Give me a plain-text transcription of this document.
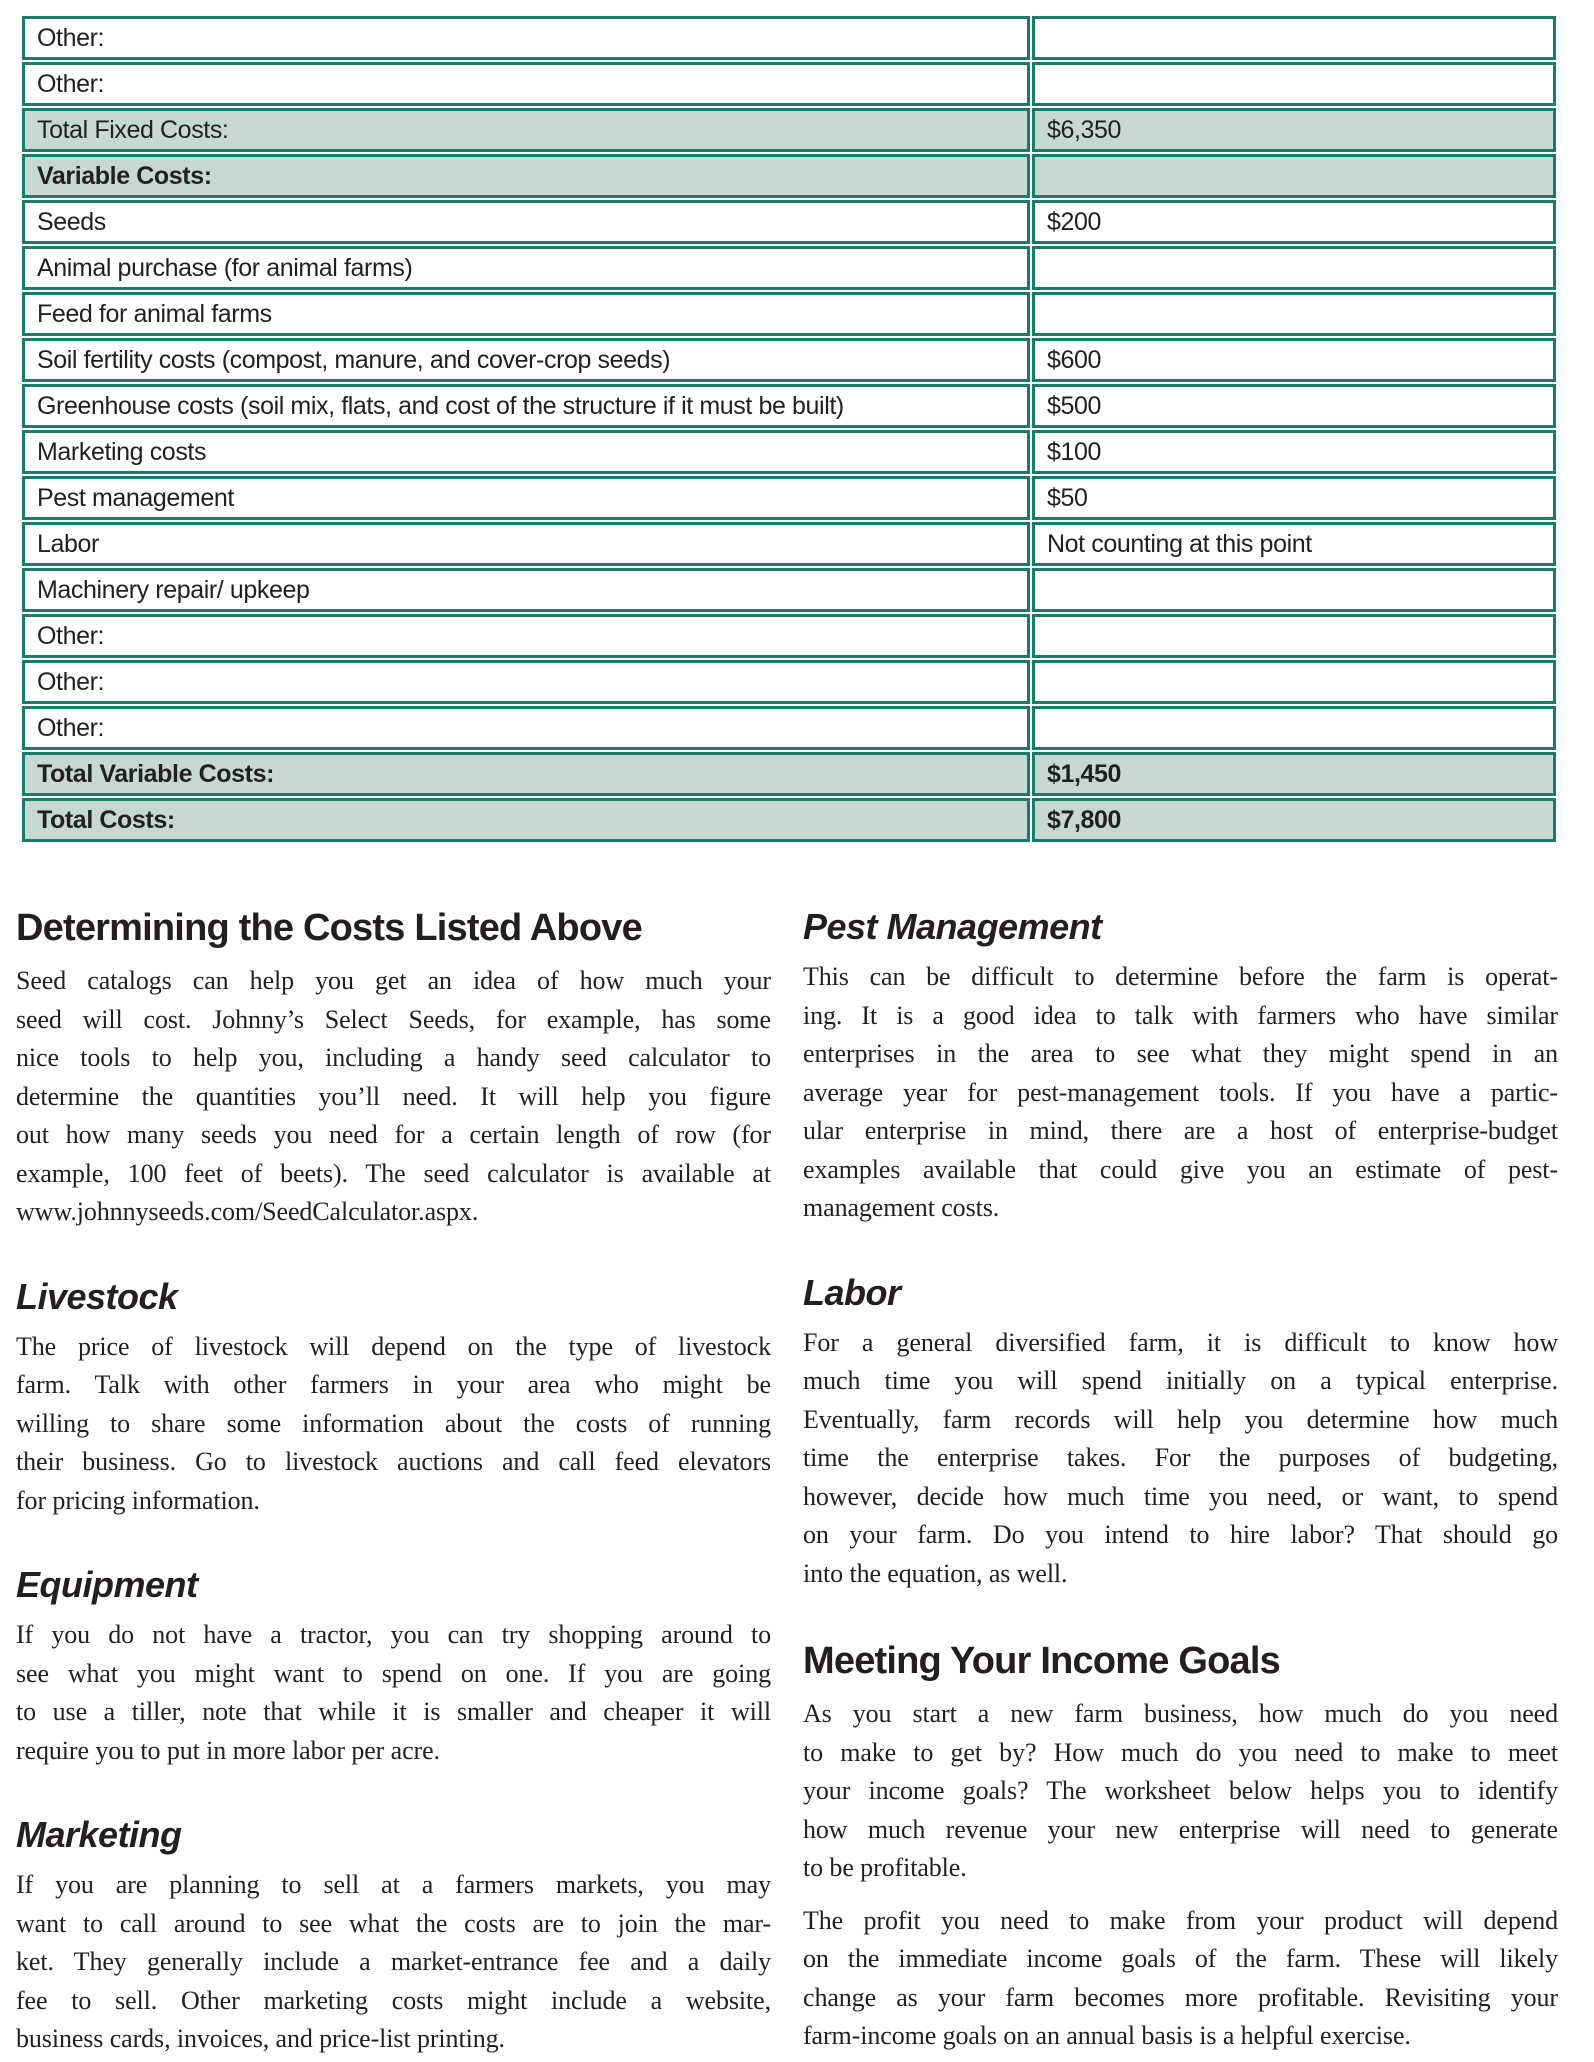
Other:	
Other:	
Total Fixed Costs:	$6,350
Variable Costs:	
Seeds	$200
Animal purchase (for animal farms)	
Feed for animal farms	
Soil fertility costs (compost, manure, and cover-crop seeds)	$600
Greenhouse costs (soil mix, flats, and cost of the structure if it must be built)	$500
Marketing costs	$100
Pest management	$50
Labor	Not counting at this point
Machinery repair/ upkeep	
Other:	
Other:	
Other:	
Total Variable Costs:	$1,450
Total Costs:	$7,800
Determining the Costs Listed Above
Seed catalogs can help you get an idea of how much your
seed will cost. Johnny’s Select Seeds, for example, has some
nice tools to help you, including a handy seed calculator to
determine the quantities you’ll need. It will help you figure
out how many seeds you need for a certain length of row (for
example, 100 feet of beets). The seed calculator is available at
www.johnnyseeds.com/SeedCalculator.aspx.
Livestock
The price of livestock will depend on the type of livestock
farm. Talk with other farmers in your area who might be
willing to share some information about the costs of running
their business. Go to livestock auctions and call feed elevators
for pricing information.
Equipment
If you do not have a tractor, you can try shopping around to
see what you might want to spend on one. If you are going
to use a tiller, note that while it is smaller and cheaper it will
require you to put in more labor per acre.
Marketing
If you are planning to sell at a farmers markets, you may
want to call around to see what the costs are to join the mar-
ket. They generally include a market-entrance fee and a daily
fee to sell. Other marketing costs might include a website,
business cards, invoices, and price-list printing.
Pest Management
This can be difficult to determine before the farm is operat-
ing. It is a good idea to talk with farmers who have similar
enterprises in the area to see what they might spend in an
average year for pest-management tools. If you have a partic-
ular enterprise in mind, there are a host of enterprise-budget
examples available that could give you an estimate of pest-
management costs.
Labor
For a general diversified farm, it is difficult to know how
much time you will spend initially on a typical enterprise.
Eventually, farm records will help you determine how much
time the enterprise takes. For the purposes of budgeting,
however, decide how much time you need, or want, to spend
on your farm. Do you intend to hire labor? That should go
into the equation, as well.
Meeting Your Income Goals
As you start a new farm business, how much do you need
to make to get by? How much do you need to make to meet
your income goals? The worksheet below helps you to identify
how much revenue your new enterprise will need to generate
to be profitable.
The profit you need to make from your product will depend
on the immediate income goals of the farm. These will likely
change as your farm becomes more profitable. Revisiting your
farm-income goals on an annual basis is a helpful exercise.
